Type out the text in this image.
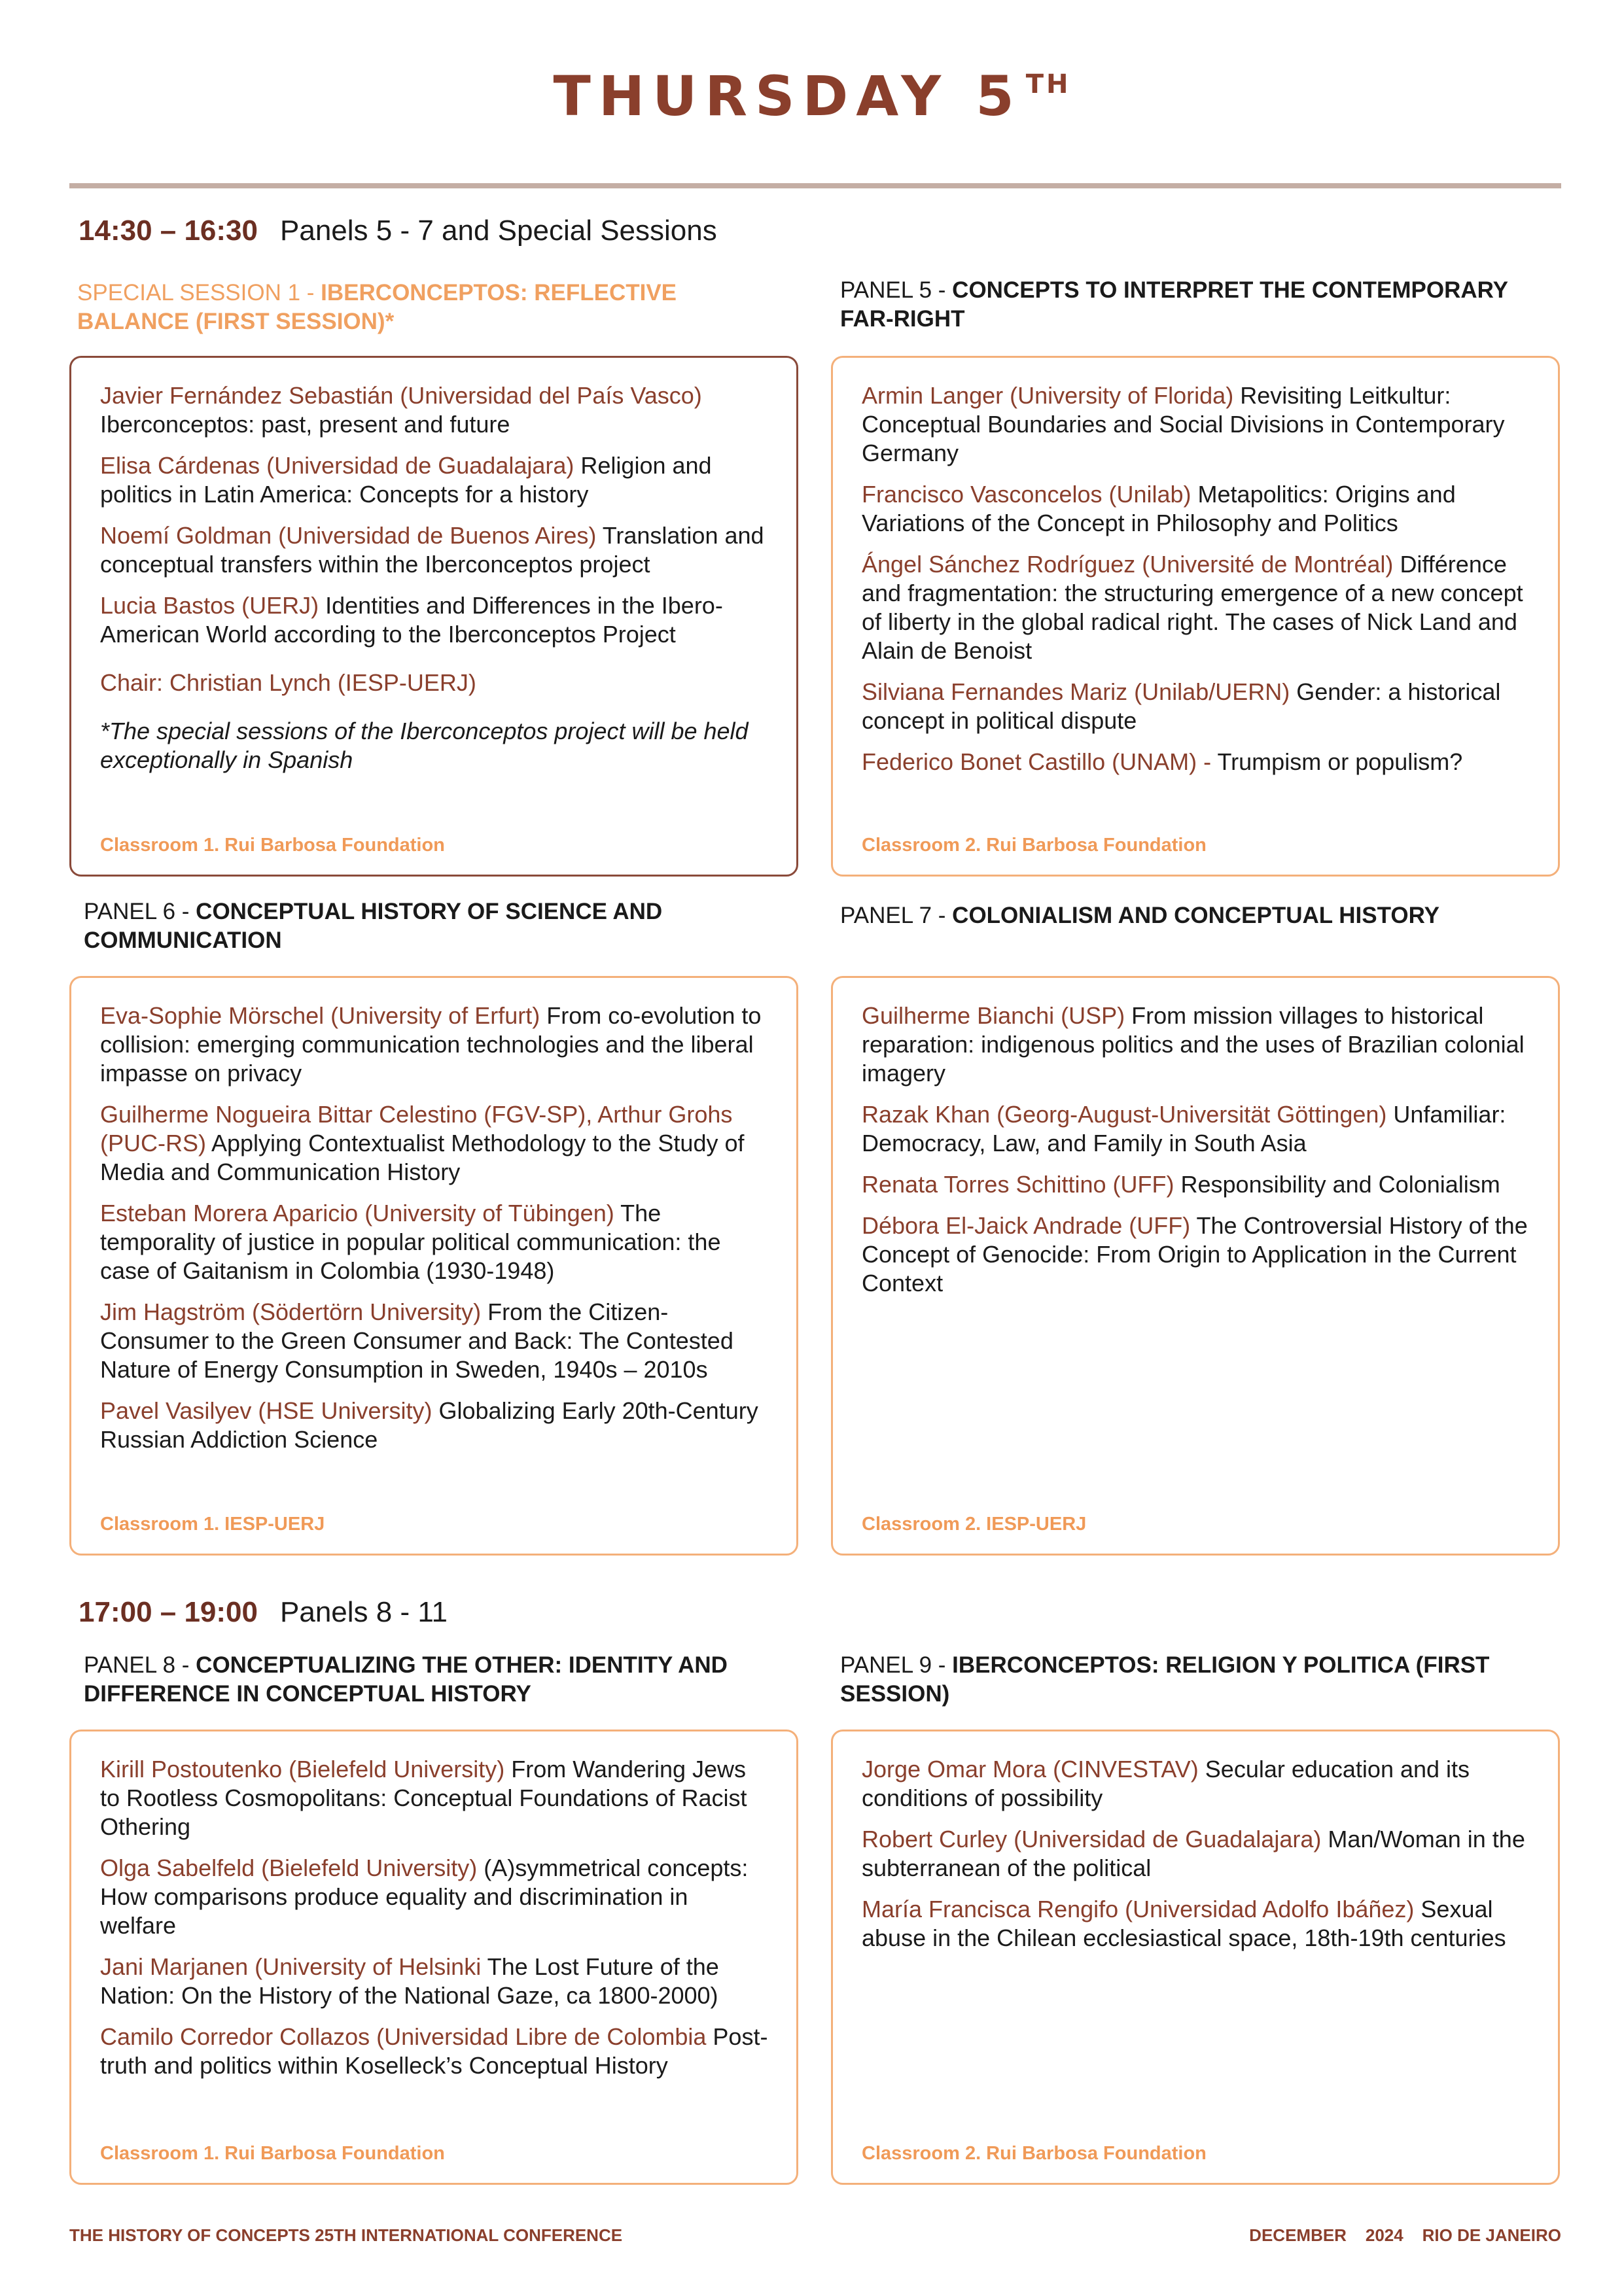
THURSDAY 5 $^{TH}$
14:30 – 16:30 Panels 5 - 7 and Special Sessions
SPECIAL SESSION 1 - IBERCONCEPTOS: REFLECTIVE BALANCE (FIRST SESSION)*
Javier Fernández Sebastián (Universidad del País Vasco) Iberconceptos: past, present and future
Elisa Cárdenas (Universidad de Guadalajara) Religion and politics in Latin America: Concepts for a history
Noemí Goldman (Universidad de Buenos Aires) Translation and conceptual transfers within the Iberconceptos project
Lucia Bastos (UERJ) Identities and Differences in the Ibero-American World according to the Iberconceptos Project
Chair: Christian Lynch (IESP-UERJ)
*The special sessions of the Iberconceptos project will be held exceptionally in Spanish
Classroom 1. Rui Barbosa Foundation
PANEL 5 - CONCEPTS TO INTERPRET THE CONTEMPORARY FAR-RIGHT
Armin Langer (University of Florida) Revisiting Leitkultur: Conceptual Boundaries and Social Divisions in Contemporary Germany
Francisco Vasconcelos (Unilab) Metapolitics: Origins and Variations of the Concept in Philosophy and Politics
Ángel Sánchez Rodríguez (Université de Montréal) Différence and fragmentation: the structuring emergence of a new concept of liberty in the global radical right. The cases of Nick Land and Alain de Benoist
Silviana Fernandes Mariz (Unilab/UERN) Gender: a historical concept in political dispute
Federico Bonet Castillo (UNAM) - Trumpism or populism?
Classroom 2. Rui Barbosa Foundation
PANEL 6 - CONCEPTUAL HISTORY OF SCIENCE AND COMMUNICATION
Eva-Sophie Mörschel (University of Erfurt) From co-evolution to collision: emerging communication technologies and the liberal impasse on privacy
Guilherme Nogueira Bittar Celestino (FGV-SP), Arthur Grohs (PUC-RS) Applying Contextualist Methodology to the Study of Media and Communication History
Esteban Morera Aparicio (University of Tübingen) The temporality of justice in popular political communication: the case of Gaitanism in Colombia (1930-1948)
Jim Hagström (Södertörn University) From the Citizen-Consumer to the Green Consumer and Back: The Contested Nature of Energy Consumption in Sweden, 1940s – 2010s
Pavel Vasilyev (HSE University) Globalizing Early 20th-Century Russian Addiction Science
Classroom 1. IESP-UERJ
PANEL 7 - COLONIALISM AND CONCEPTUAL HISTORY
Guilherme Bianchi (USP) From mission villages to historical reparation: indigenous politics and the uses of Brazilian colonial imagery
Razak Khan (Georg-August-Universität Göttingen) Unfamiliar: Democracy, Law, and Family in South Asia
Renata Torres Schittino (UFF) Responsibility and Colonialism
Débora El-Jaick Andrade (UFF) The Controversial History of the Concept of Genocide: From Origin to Application in the Current Context
Classroom 2. IESP-UERJ
17:00 – 19:00 Panels 8 - 11
PANEL 8 - CONCEPTUALIZING THE OTHER: IDENTITY AND DIFFERENCE IN CONCEPTUAL HISTORY
Kirill Postoutenko (Bielefeld University) From Wandering Jews to Rootless Cosmopolitans: Conceptual Foundations of Racist Othering
Olga Sabelfeld (Bielefeld University) (A)symmetrical concepts: How comparisons produce equality and discrimination in welfare
Jani Marjanen (University of Helsinki The Lost Future of the Nation: On the History of the National Gaze, ca 1800-2000)
Camilo Corredor Collazos (Universidad Libre de Colombia Post-truth and politics within Koselleck’s Conceptual History
Classroom 1. Rui Barbosa Foundation
PANEL 9 - IBERCONCEPTOS: RELIGION Y POLITICA (FIRST SESSION)
Jorge Omar Mora (CINVESTAV) Secular education and its conditions of possibility
Robert Curley (Universidad de Guadalajara) Man/Woman in the subterranean of the political
María Francisca Rengifo (Universidad Adolfo Ibáñez) Sexual abuse in the Chilean ecclesiastical space, 18th-19th centuries
Classroom 2. Rui Barbosa Foundation
THE HISTORY OF CONCEPTS 25TH INTERNATIONAL CONFERENCE	DECEMBER 2024 RIO DE JANEIRO
